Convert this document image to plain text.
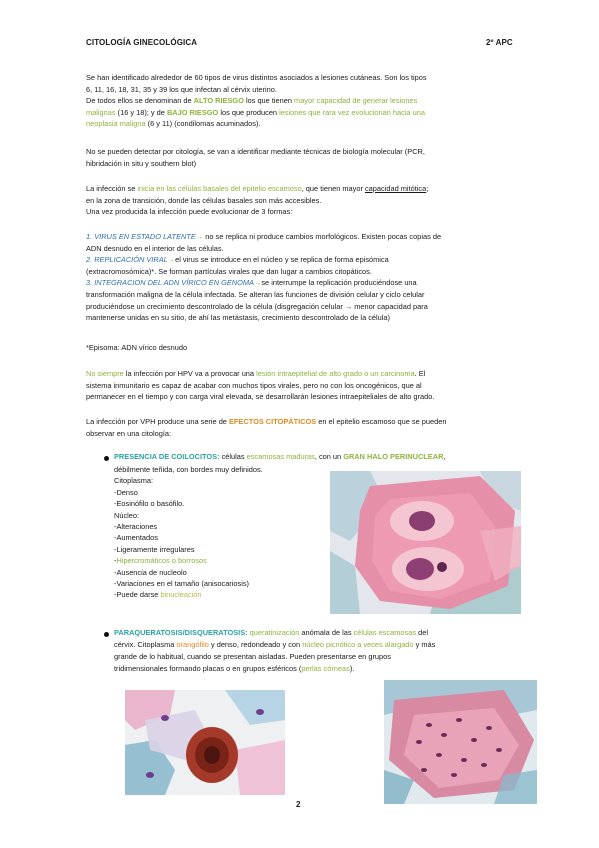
CITOLOGÍA GINECOLÓGICA	2º APC
Se han identificado alrededor de 60 tipos de virus distintos asociados a lesiones cutáneas. Son los tipos
6, 11, 16, 18, 31, 35 y 39 los que infectan al cérvix uterino.
De todos ellos se denominan de ALTO RIESGO los que tienen mayor capacidad de generar lesiones
malignas (16 y 18); y de BAJO RIESGO los que producen lesiones que rara vez evolucionan hacia una
neoplasia maligna (6 y 11) (condilomas acuminados).
No se pueden detectar por citología, se van a identificar mediante técnicas de biología molecular (PCR,
hibridación in situ y southern blot)
La infección se inicia en las células basales del epitelio escamoso, que tienen mayor capacidad mitótica;
en la zona de transición, donde las células basales son más accesibles.
Una vez producida la infección puede evolucionar de 3 formas:
1. VIRUS EN ESTADO LATENTE→ no se replica ni produce cambios morfológicos. Existen pocas copias de
ADN desnudo en el interior de las células.
2. REPLICACIÓN VIRAL→el virus se introduce en el núcleo y se replica de forma episómica
(extracromosómica)*. Se forman partículas virales que dan lugar a cambios citopáticos.
3. INTEGRACION DEL ADN VÍRICO EN GENOMA→se interrumpe la replicación produciéndose una
transformación maligna de la célula infectada. Se alteran las funciones de división celular y ciclo celular
produciéndose un crecimiento descontrolado de la célula (disgregación celular → menor capacidad para
mantenerse unidas en su sitio, de ahí las metástasis, crecimiento descontrolado de la célula)
*Episoma: ADN vírico desnudo
No siempre la infección por HPV va a provocar una lesión intraepitelial de alto grado o un carcinoma. El
sistema inmunitario es capaz de acabar con muchos tipos virales, pero no con los oncogénicos, que al
permanecer en el tiempo y con carga viral elevada, se desarrollarán lesiones intraepiteliales de alto grado.
La infección por VPH produce una serie de EFECTOS CITOPÁTICOS en el epitelio escamoso que se pueden
observar en una citología:
PRESENCIA DE COILOCITOS: células escamosas maduras, con un GRAN HALO PERINUCLEAR,
débilmente teñida, con bordes muy definidos.
Citoplasma:
-Denso
-Eosinófilo o basófilo.
Núcleo:
-Alteraciones
-Aumentados
-Ligeramente irregulares
-Hipercromáticos o borrosos
-Ausencia de nucleolo
-Variaciones en el tamaño (anisocariosis)
-Puede darse binucleación
PARAQUERATOSIS/DISQUERATOSIS: queratinización anómala de las células escamosas del
cérvix. Citoplasma orangófilo y denso, redondeado y con núcleo picnótico a veces alargado y más
grande de lo habitual, cuando se presentan aisladas. Pueden presentarse en grupos
tridimensionales formando placas o en grupos esféricos (perlas córneas).
2
